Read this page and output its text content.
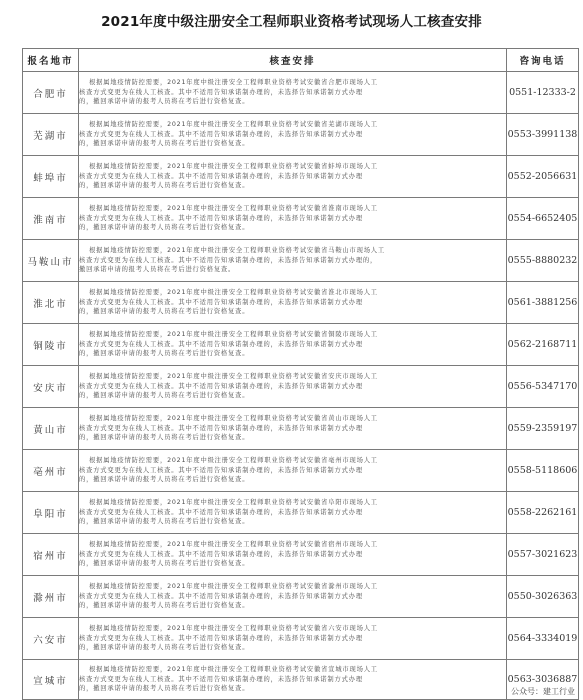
2021年度中级注册安全工程师职业资格考试现场人工核查安排
报名地市	核查安排	咨询电话
合肥市	根据属地疫情防控需要，2021年度中级注册安全工程师职业资格考试安徽省合肥市现场人工
核查方式变更为在线人工核查。其中不适用告知承诺制办理的，未选择告知承诺制方式办理
的，撤回承诺申请的报考人员将在考后进行资格复查。	0551-12333-2
芜湖市	根据属地疫情防控需要，2021年度中级注册安全工程师职业资格考试安徽省芜湖市现场人工
核查方式变更为在线人工核查。其中不适用告知承诺制办理的，未选择告知承诺制方式办理
的，撤回承诺申请的报考人员将在考后进行资格复查。	0553-3991138
蚌埠市	根据属地疫情防控需要，2021年度中级注册安全工程师职业资格考试安徽省蚌埠市现场人工
核查方式变更为在线人工核查。其中不适用告知承诺制办理的，未选择告知承诺制方式办理
的，撤回承诺申请的报考人员将在考后进行资格复查。	0552-2056631
淮南市	根据属地疫情防控需要，2021年度中级注册安全工程师职业资格考试安徽省淮南市现场人工
核查方式变更为在线人工核查。其中不适用告知承诺制办理的，未选择告知承诺制方式办理
的，撤回承诺申请的报考人员将在考后进行资格复查。	0554-6652405
马鞍山市	根据属地疫情防控需要，2021年度中级注册安全工程师职业资格考试安徽省马鞍山市现场人工
核查方式变更为在线人工核查。其中不适用告知承诺制办理的，未选择告知承诺制方式办理的，
撤回承诺申请的报考人员将在考后进行资格复查。	0555-8880232
淮北市	根据属地疫情防控需要，2021年度中级注册安全工程师职业资格考试安徽省淮北市现场人工
核查方式变更为在线人工核查。其中不适用告知承诺制办理的，未选择告知承诺制方式办理
的，撤回承诺申请的报考人员将在考后进行资格复查。	0561-3881256
铜陵市	根据属地疫情防控需要，2021年度中级注册安全工程师职业资格考试安徽省铜陵市现场人工
核查方式变更为在线人工核查。其中不适用告知承诺制办理的，未选择告知承诺制方式办理
的，撤回承诺申请的报考人员将在考后进行资格复查。	0562-2168711
安庆市	根据属地疫情防控需要，2021年度中级注册安全工程师职业资格考试安徽省安庆市现场人工
核查方式变更为在线人工核查。其中不适用告知承诺制办理的，未选择告知承诺制方式办理
的，撤回承诺申请的报考人员将在考后进行资格复查。	0556-5347170
黄山市	根据属地疫情防控需要，2021年度中级注册安全工程师职业资格考试安徽省黄山市现场人工
核查方式变更为在线人工核查。其中不适用告知承诺制办理的，未选择告知承诺制方式办理
的，撤回承诺申请的报考人员将在考后进行资格复查。	0559-2359197
亳州市	根据属地疫情防控需要，2021年度中级注册安全工程师职业资格考试安徽省亳州市现场人工
核查方式变更为在线人工核查。其中不适用告知承诺制办理的，未选择告知承诺制方式办理
的，撤回承诺申请的报考人员将在考后进行资格复查。	0558-5118606
阜阳市	根据属地疫情防控需要，2021年度中级注册安全工程师职业资格考试安徽省阜阳市现场人工
核查方式变更为在线人工核查。其中不适用告知承诺制办理的，未选择告知承诺制方式办理
的，撤回承诺申请的报考人员将在考后进行资格复查。	0558-2262161
宿州市	根据属地疫情防控需要，2021年度中级注册安全工程师职业资格考试安徽省宿州市现场人工
核查方式变更为在线人工核查。其中不适用告知承诺制办理的，未选择告知承诺制方式办理
的，撤回承诺申请的报考人员将在考后进行资格复查。	0557-3021623
滁州市	根据属地疫情防控需要，2021年度中级注册安全工程师职业资格考试安徽省滁州市现场人工
核查方式变更为在线人工核查。其中不适用告知承诺制办理的，未选择告知承诺制方式办理
的，撤回承诺申请的报考人员将在考后进行资格复查。	0550-3026363
六安市	根据属地疫情防控需要，2021年度中级注册安全工程师职业资格考试安徽省六安市现场人工
核查方式变更为在线人工核查。其中不适用告知承诺制办理的，未选择告知承诺制方式办理
的，撤回承诺申请的报考人员将在考后进行资格复查。	0564-3334019
宣城市	根据属地疫情防控需要，2021年度中级注册安全工程师职业资格考试安徽省宣城市现场人工
核查方式变更为在线人工核查。其中不适用告知承诺制办理的，未选择告知承诺制方式办理
的，撤回承诺申请的报考人员将在考后进行资格复查。	0563-3036887
公众号：建工行业
